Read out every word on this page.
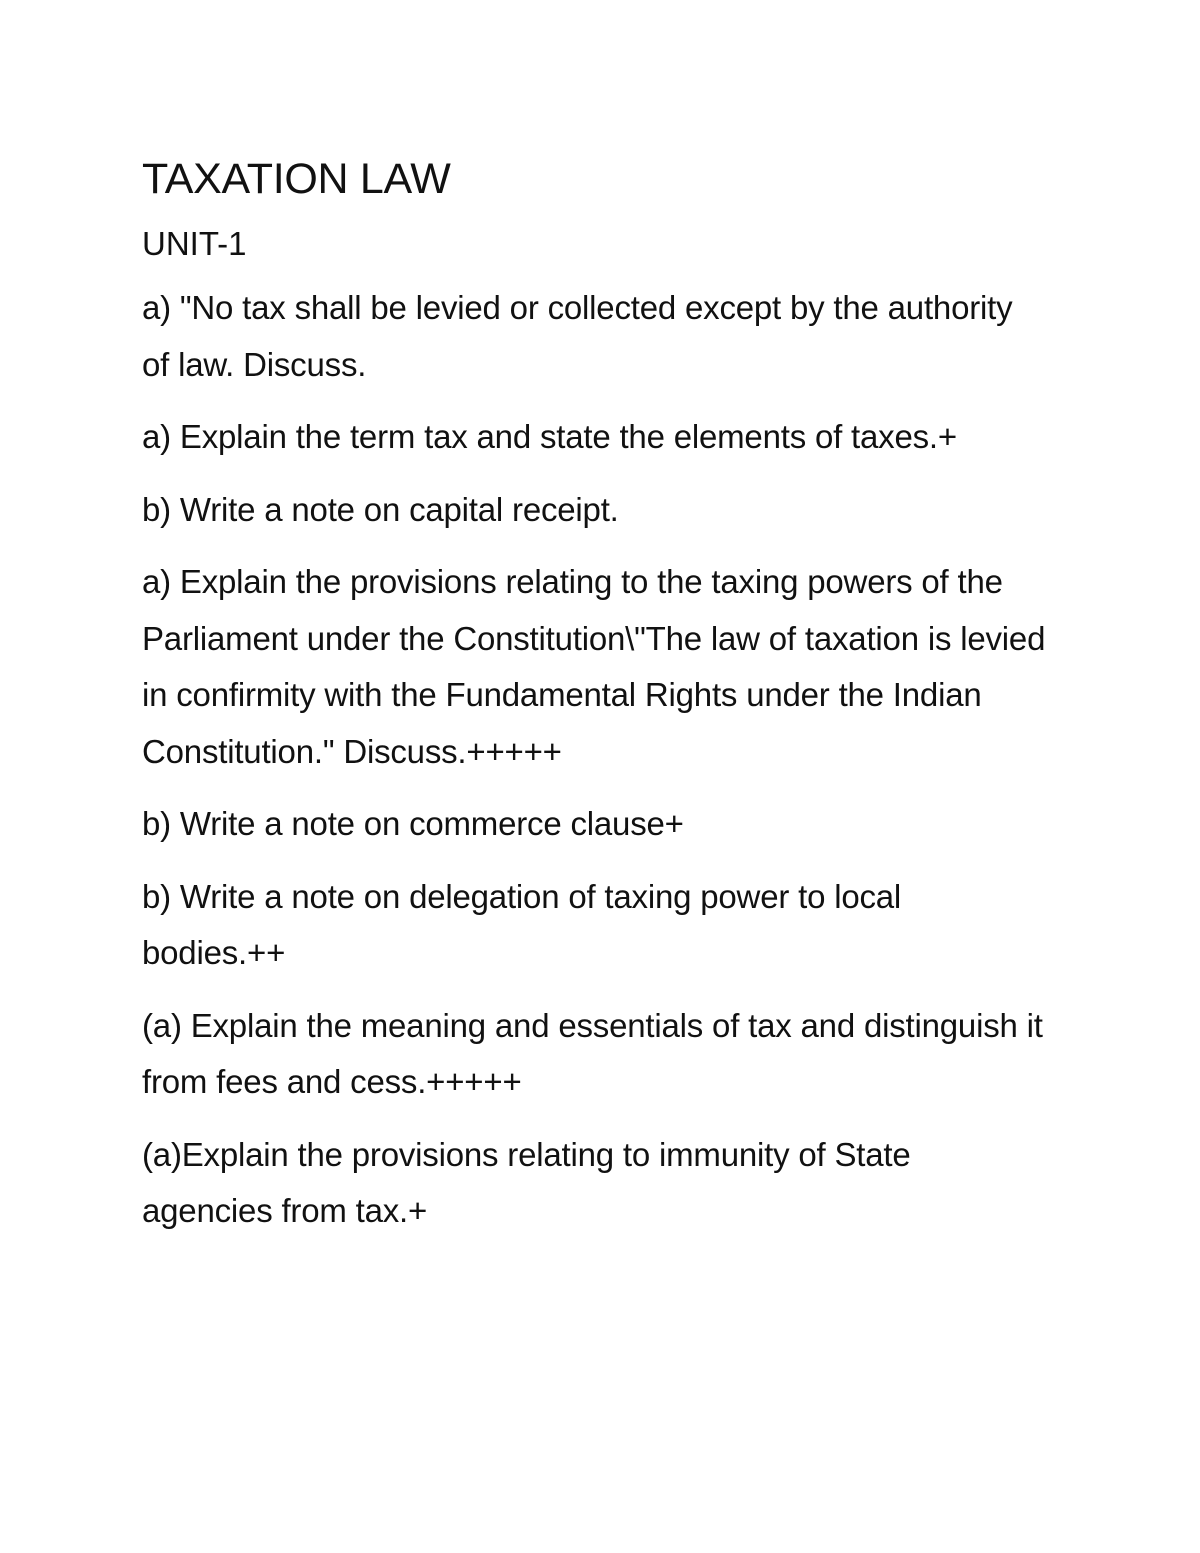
TAXATION LAW

UNIT-1

a) "No tax shall be levied or collected except by the authority of law. Discuss.
a) Explain the term tax and state the elements of taxes.+
b) Write a note on capital receipt.
a) Explain the provisions relating to the taxing powers of the Parliament under the Constitution\"The law of taxation is levied in confirmity with the Fundamental Rights under the Indian Constitution." Discuss.+++++
b) Write a note on commerce clause+
b) Write a note on delegation of taxing power to local bodies.++
(a) Explain the meaning and essentials of tax and distinguish it from fees and cess.+++++
(a)Explain the provisions relating to immunity of State agencies from tax.+
